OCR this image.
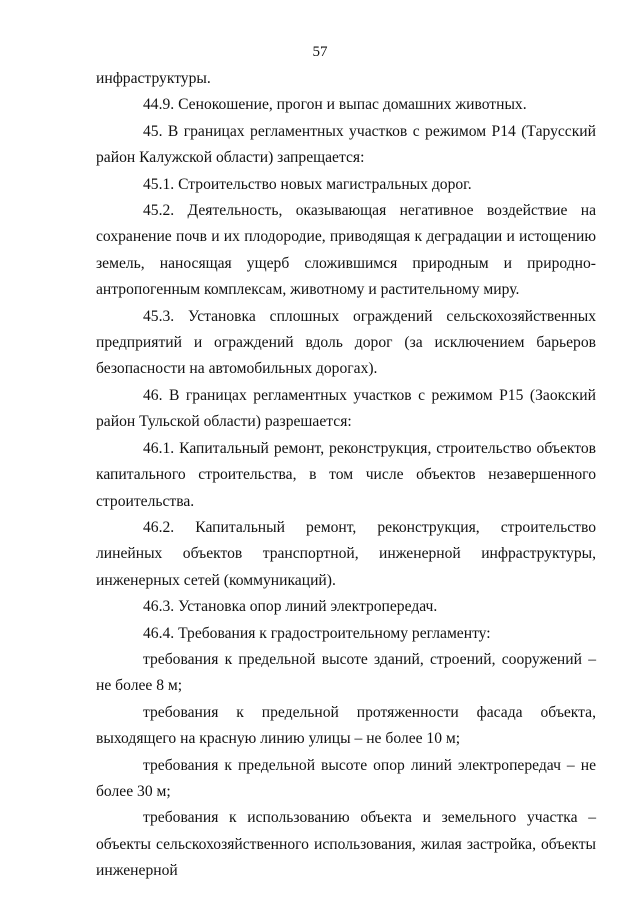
57

инфраструктуры.

44.9. Сенокошение, прогон и выпас домашних животных.

45. В границах регламентных участков с режимом Р14 (Тарусский район Калужской области) запрещается:

45.1. Строительство новых магистральных дорог.

45.2. Деятельность, оказывающая негативное воздействие на сохранение почв и их плодородие, приводящая к деградации и истощению земель, наносящая ущерб сложившимся природным и природно-антропогенным комплексам, животному и растительному миру.

45.3. Установка сплошных ограждений сельскохозяйственных предприятий и ограждений вдоль дорог (за исключением барьеров безопасности на автомобильных дорогах).

46. В границах регламентных участков с режимом Р15 (Заокский район Тульской области) разрешается:

46.1. Капитальный ремонт, реконструкция, строительство объектов капитального строительства, в том числе объектов незавершенного строительства.

46.2. Капитальный ремонт, реконструкция, строительство линейных объектов транспортной, инженерной инфраструктуры, инженерных сетей (коммуникаций).

46.3. Установка опор линий электропередач.

46.4. Требования к градостроительному регламенту:

требования к предельной высоте зданий, строений, сооружений – не более 8 м;

требования к предельной протяженности фасада объекта, выходящего на красную линию улицы – не более 10 м;

требования к предельной высоте опор линий электропередач – не более 30 м;

требования к использованию объекта и земельного участка – объекты сельскохозяйственного использования, жилая застройка, объекты инженерной
